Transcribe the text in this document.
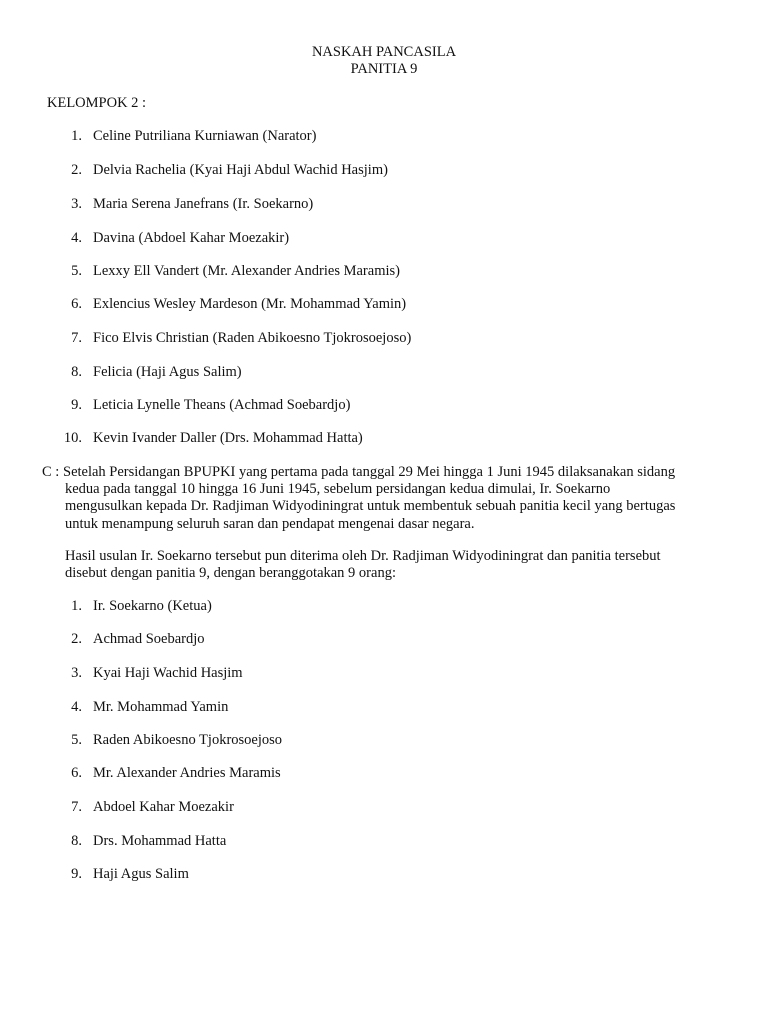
NASKAH PANCASILA
PANITIA 9
KELOMPOK 2 :
1. Celine Putriliana Kurniawan (Narator)
2. Delvia Rachelia (Kyai Haji Abdul Wachid Hasjim)
3. Maria Serena Janefrans (Ir. Soekarno)
4. Davina (Abdoel Kahar Moezakir)
5. Lexxy Ell Vandert (Mr. Alexander Andries Maramis)
6. Exlencius Wesley Mardeson (Mr. Mohammad Yamin)
7. Fico Elvis Christian (Raden Abikoesno Tjokrosoejoso)
8. Felicia (Haji Agus Salim)
9. Leticia Lynelle Theans (Achmad Soebardjo)
10. Kevin Ivander Daller (Drs. Mohammad Hatta)
C : Setelah Persidangan BPUPKI yang pertama pada tanggal 29 Mei hingga 1 Juni 1945 dilaksanakan sidang
kedua pada tanggal 10 hingga 16 Juni 1945, sebelum persidangan kedua dimulai, Ir. Soekarno
mengusulkan kepada Dr. Radjiman Widyodiningrat untuk membentuk sebuah panitia kecil yang bertugas
untuk menampung seluruh saran dan pendapat mengenai dasar negara.
Hasil usulan Ir. Soekarno tersebut pun diterima oleh Dr. Radjiman Widyodiningrat dan panitia tersebut
disebut dengan panitia 9, dengan beranggotakan 9 orang:
1. Ir. Soekarno (Ketua)
2. Achmad Soebardjo
3. Kyai Haji Wachid Hasjim
4. Mr. Mohammad Yamin
5. Raden Abikoesno Tjokrosoejoso
6. Mr. Alexander Andries Maramis
7. Abdoel Kahar Moezakir
8. Drs. Mohammad Hatta
9. Haji Agus Salim
